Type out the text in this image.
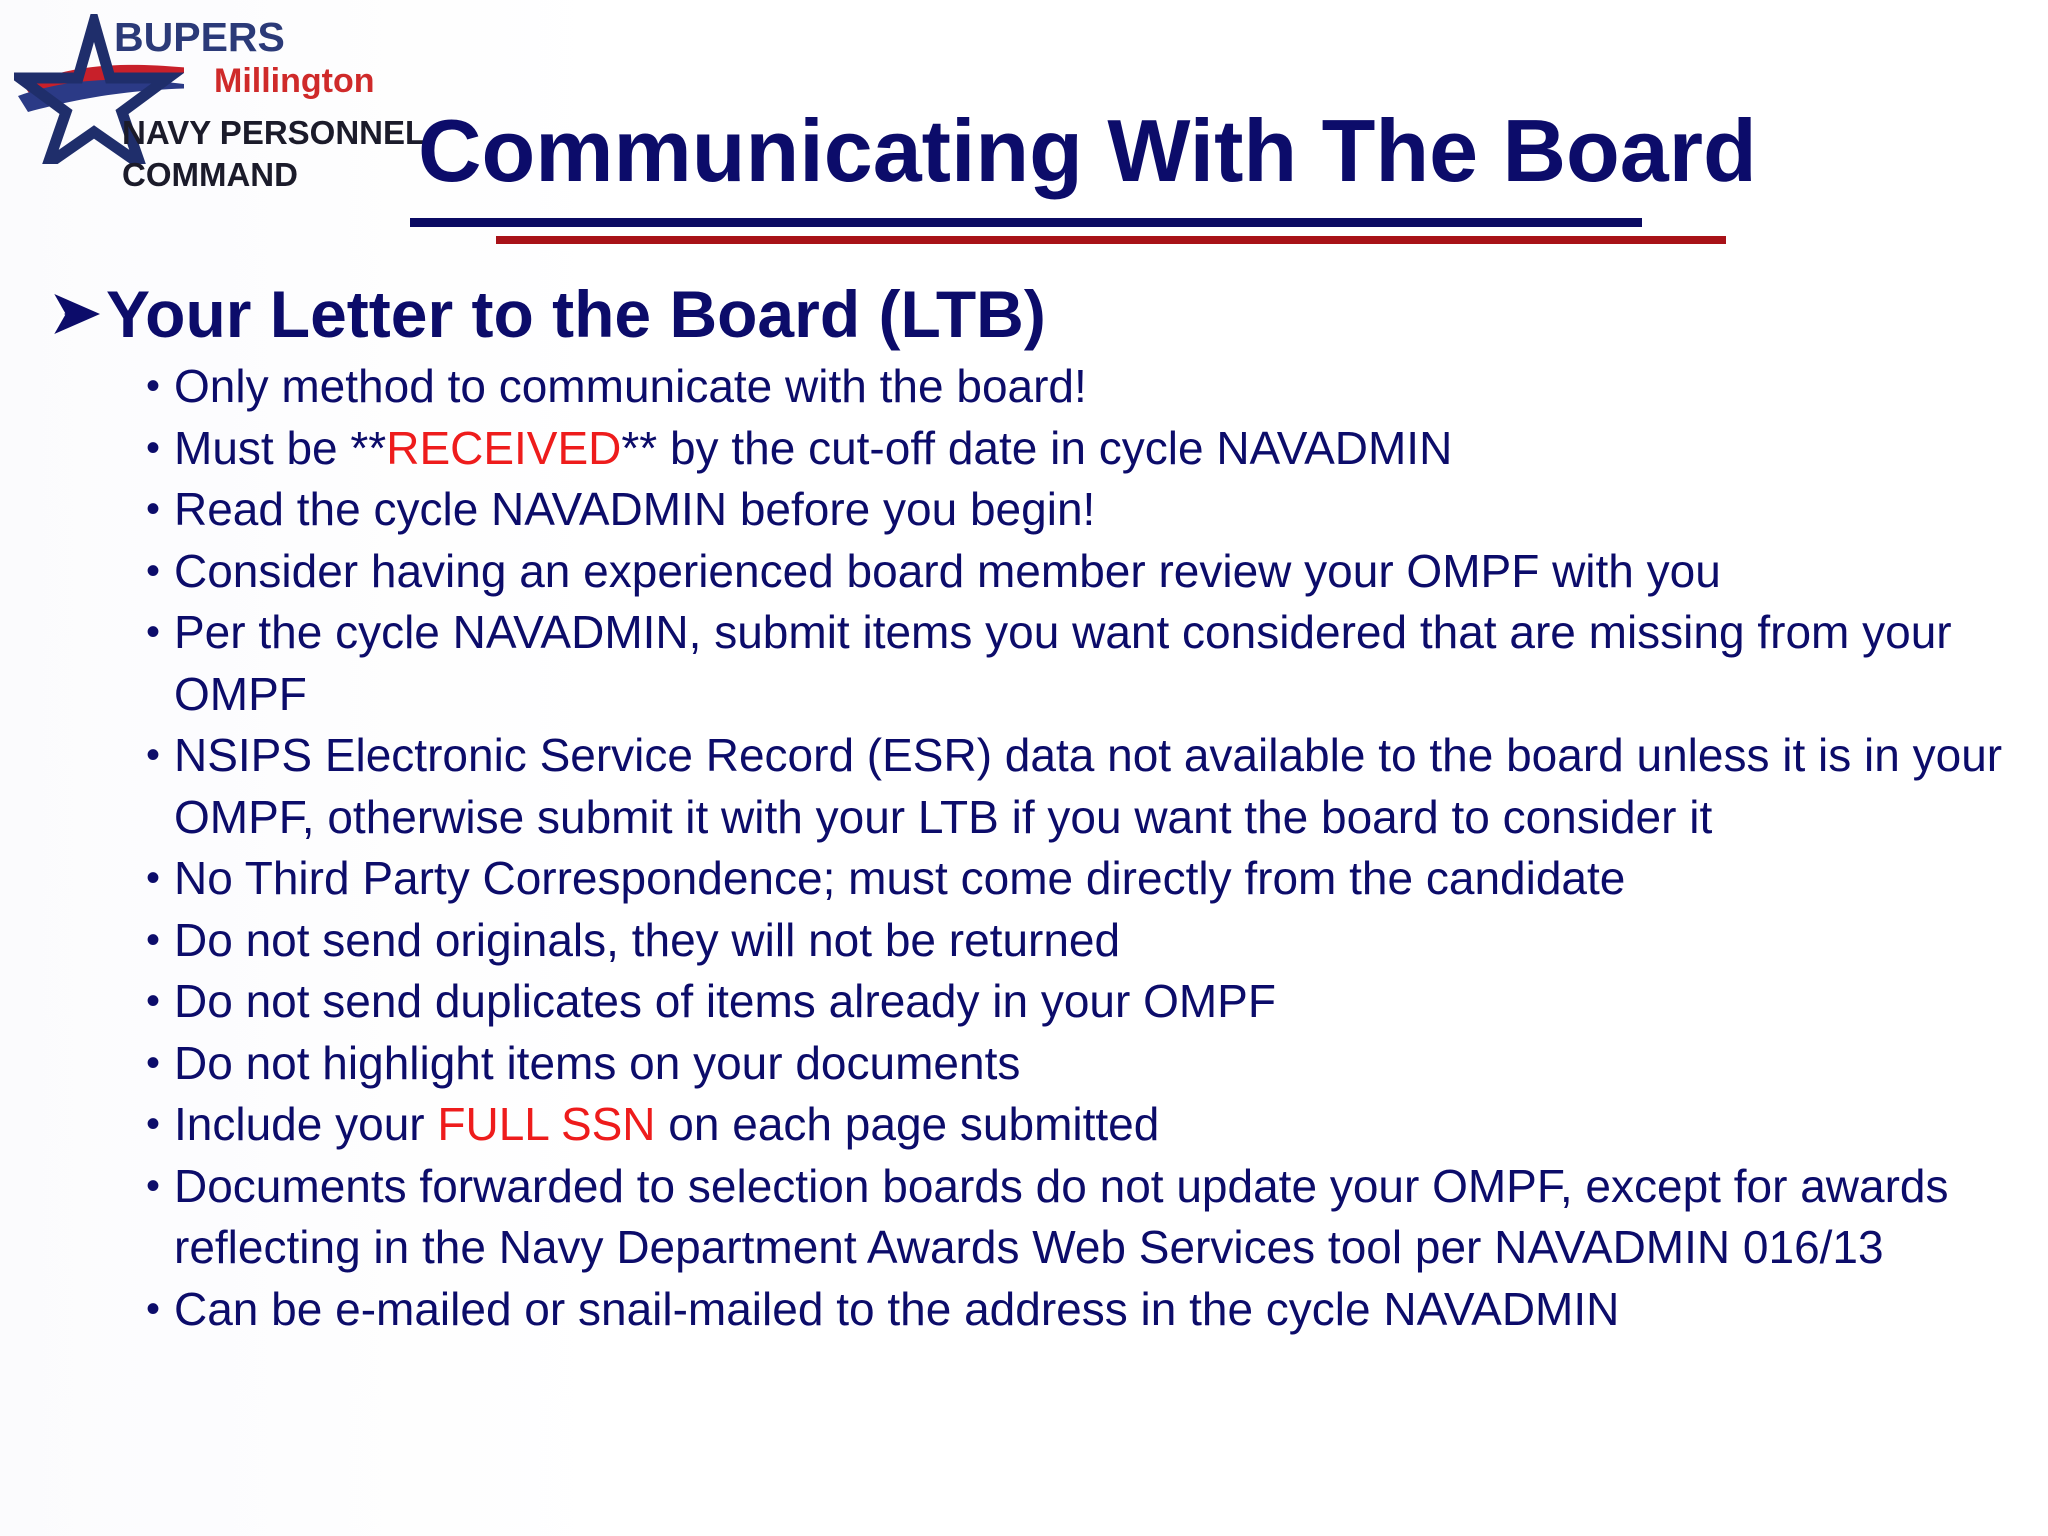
BUPERS
Millington
NAVY PERSONNEL
COMMAND Communicating With The Board
Your Letter to the Board (LTB)
• Only method to communicate with the board!
• Must be **RECEIVED** by the cut-off date in cycle NAVADMIN
• Read the cycle NAVADMIN before you begin!
• Consider having an experienced board member review your OMPF with you
• Per the cycle NAVADMIN, submit items you want considered that are missing from your OMPF
• NSIPS Electronic Service Record (ESR) data not available to the board unless it is in your OMPF, otherwise submit it with your LTB if you want the board to consider it
• No Third Party Correspondence; must come directly from the candidate
• Do not send originals, they will not be returned
• Do not send duplicates of items already in your OMPF
• Do not highlight items on your documents
• Include your FULL SSN on each page submitted
• Documents forwarded to selection boards do not update your OMPF, except for awards reflecting in the Navy Department Awards Web Services tool per NAVADMIN 016/13
• Can be e-mailed or snail-mailed to the address in the cycle NAVADMIN
